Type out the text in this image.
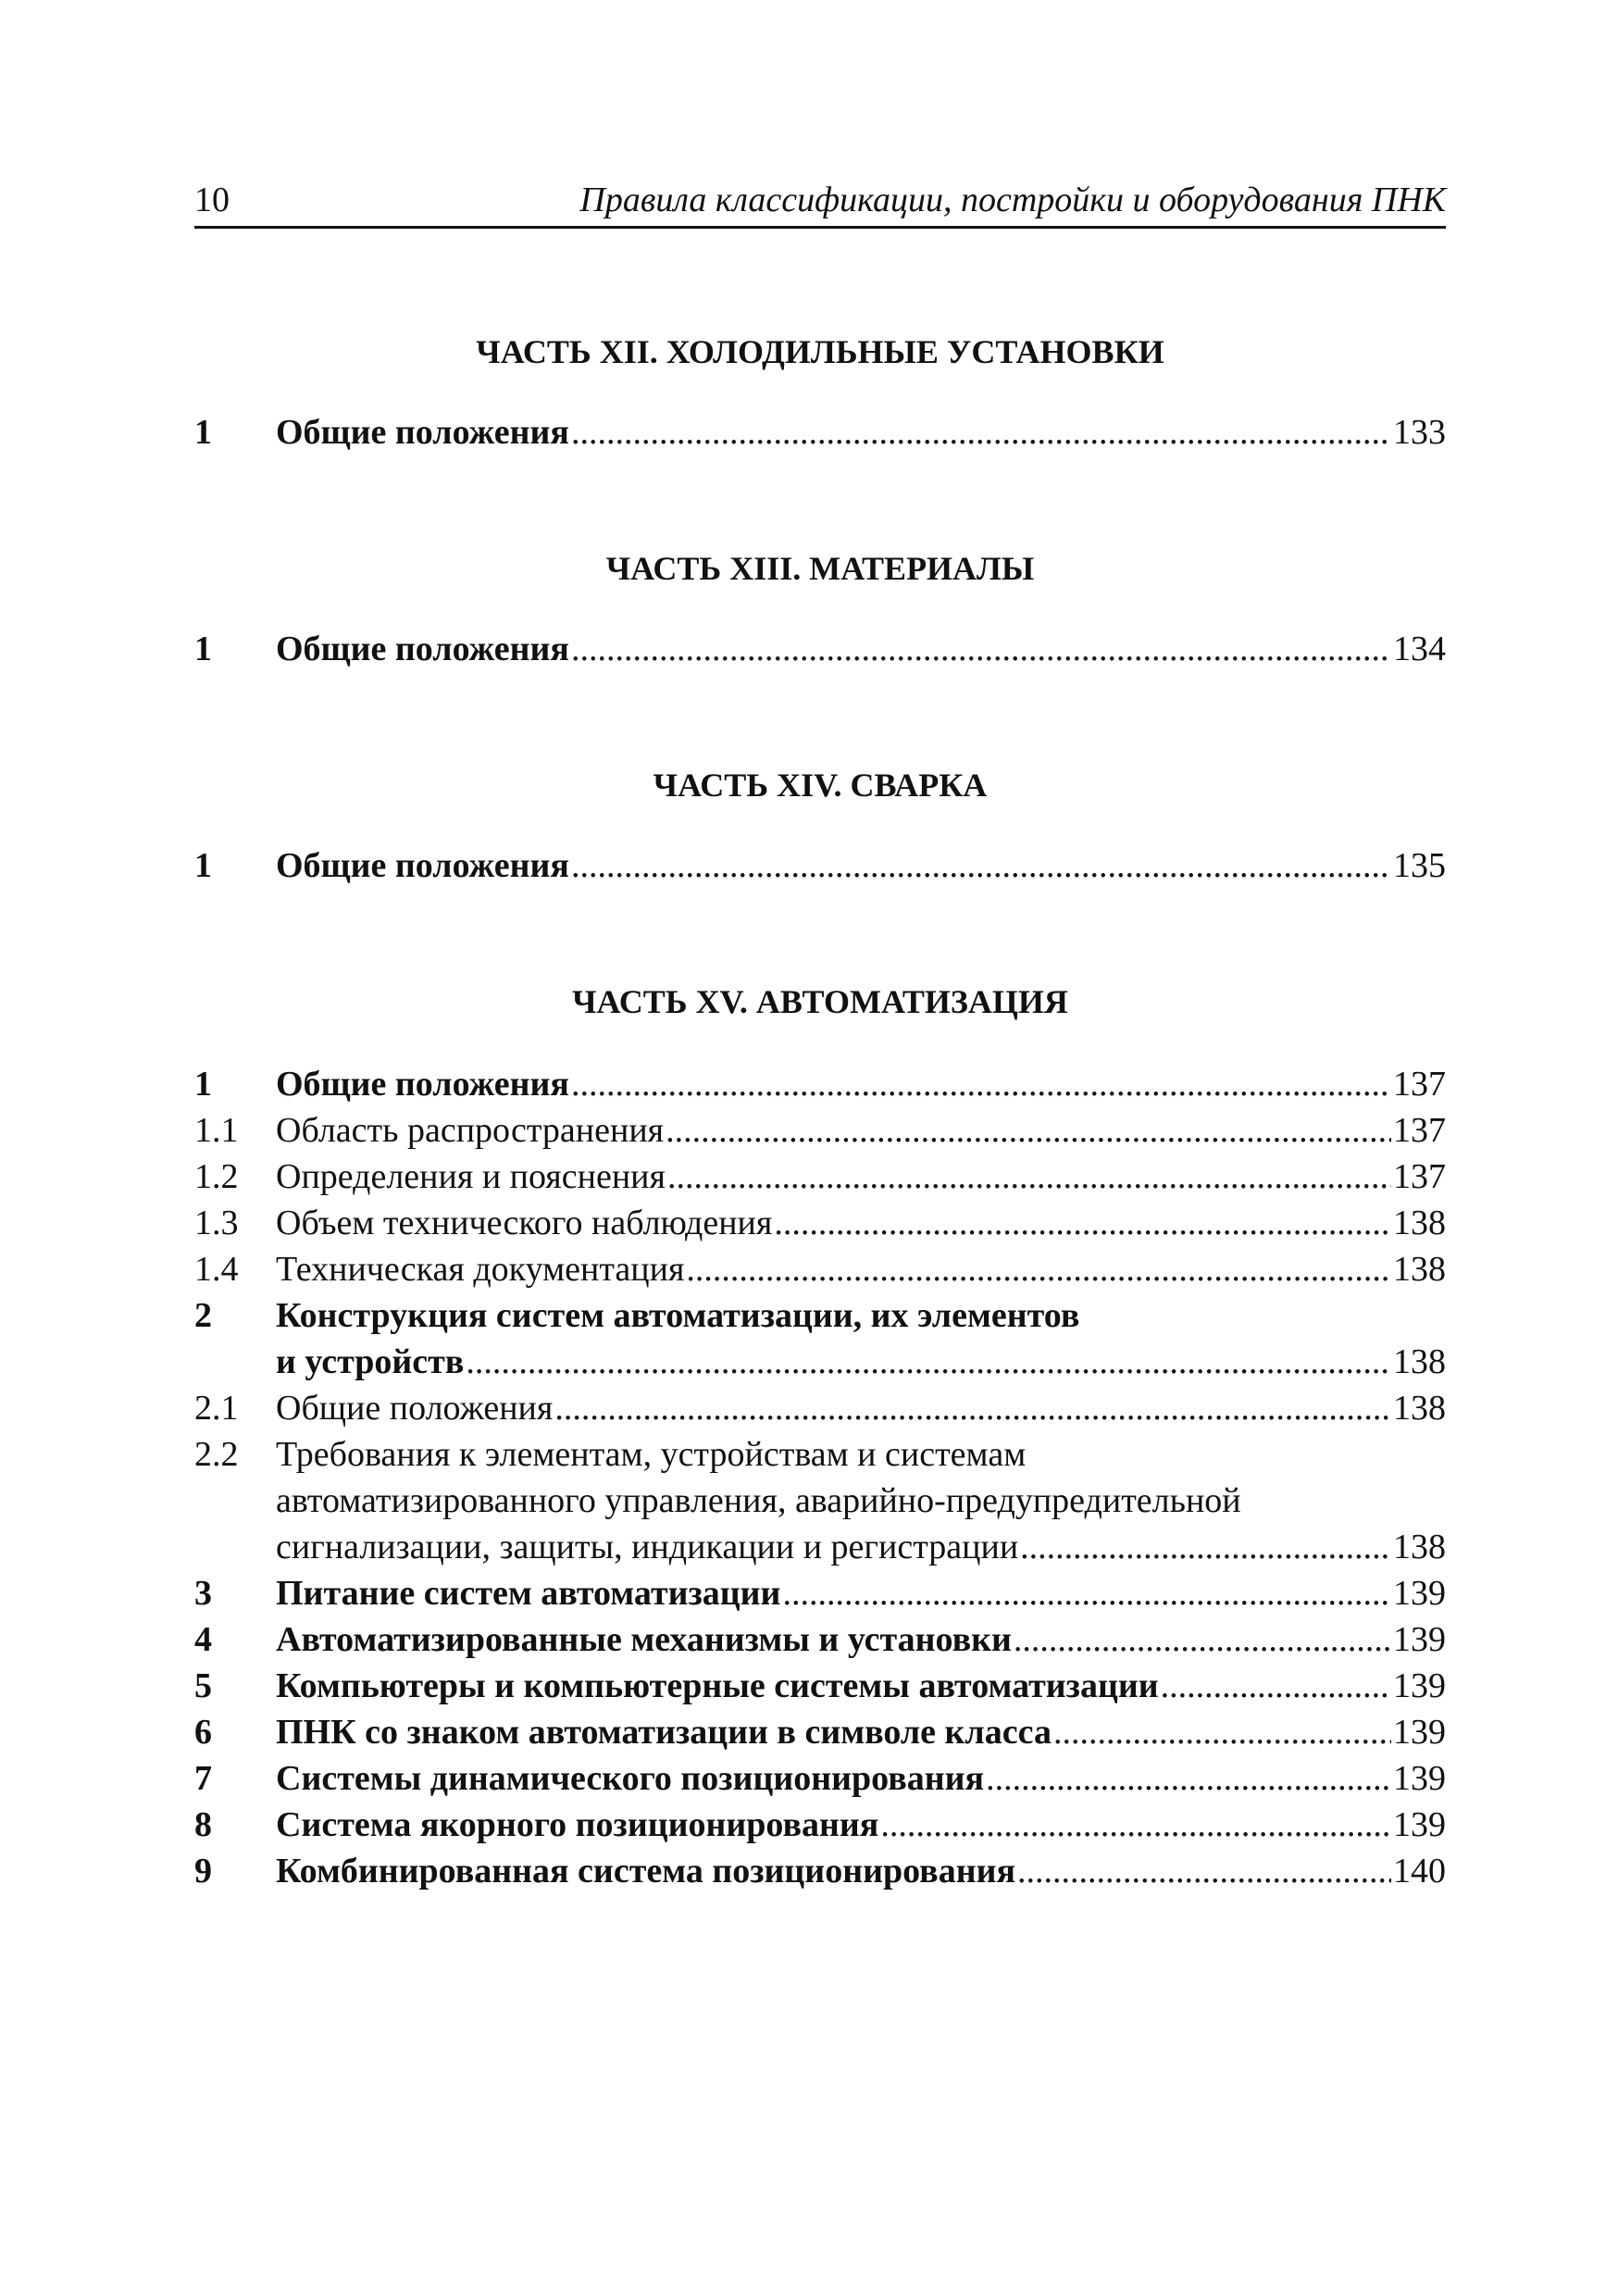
10	Правила классификации, постройки и оборудования ПНК
ЧАСТЬ XII. ХОЛОДИЛЬНЫЕ УСТАНОВКИ
1	Общие положения .....	133
ЧАСТЬ XIII. МАТЕРИАЛЫ
1	Общие положения .....	134
ЧАСТЬ XIV. СВАРКА
1	Общие положения .....	135
ЧАСТЬ XV. АВТОМАТИЗАЦИЯ
1	Общие положения .....	137
1.1	Область распространения .....	137
1.2	Определения и пояснения .....	137
1.3	Объем технического наблюдения .....	138
1.4	Техническая документация .....	138
2	Конструкция систем автоматизации, их элементов
и устройств .....	138
2.1	Общие положения .....	138
2.2	Требования к элементам, устройствам и системам
автоматизированного управления, аварийно-предупредительной
сигнализации, защиты, индикации и регистрации .....	138
3	Питание систем автоматизации .....	139
4	Автоматизированные механизмы и установки .....	139
5	Компьютеры и компьютерные системы автоматизации .....	139
6	ПНК со знаком автоматизации в символе класса .....	139
7	Системы динамического позиционирования .....	139
8	Система якорного позиционирования .....	139
9	Комбинированная система позиционирования .....	140
